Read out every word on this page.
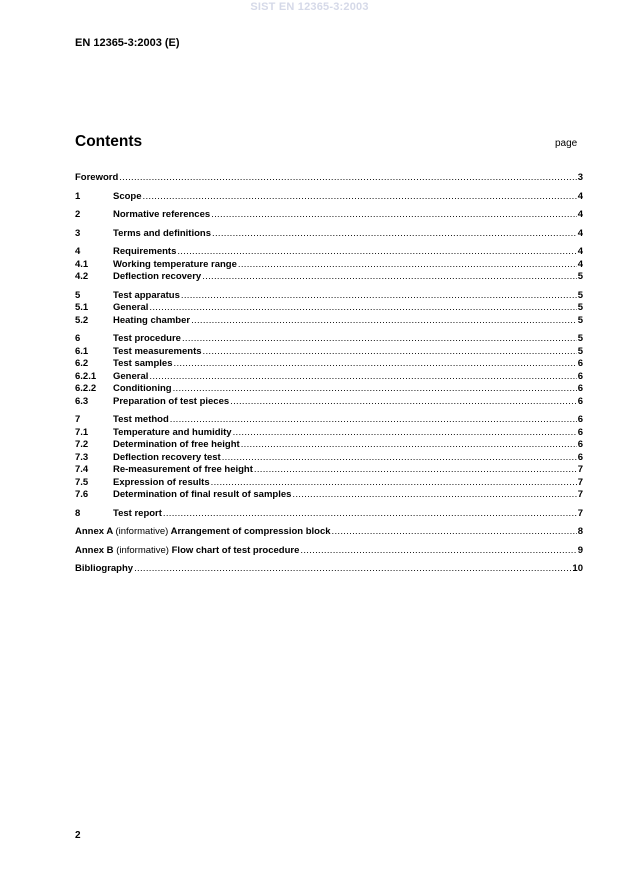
SIST EN 12365-3:2003
EN 12365-3:2003 (E)
Contents	page
Foreword .....	3
1	Scope .....	4
2	Normative references .....	4
3	Terms and definitions .....	4
4	Requirements .....	4
4.1	Working temperature range .....	4
4.2	Deflection recovery .....	5
5	Test apparatus .....	5
5.1	General .....	5
5.2	Heating chamber .....	5
6	Test procedure .....	5
6.1	Test measurements .....	5
6.2	Test samples .....	6
6.2.1	General .....	6
6.2.2	Conditioning .....	6
6.3	Preparation of test pieces .....	6
7	Test method .....	6
7.1	Temperature and humidity .....	6
7.2	Determination of free height .....	6
7.3	Deflection recovery test .....	6
7.4	Re-measurement of free height .....	7
7.5	Expression of results .....	7
7.6	Determination of final result of samples .....	7
8	Test report .....	7
Annex A (informative) Arrangement of compression block .....	8
Annex B (informative) Flow chart of test procedure .....	9
Bibliography .....	10
2
